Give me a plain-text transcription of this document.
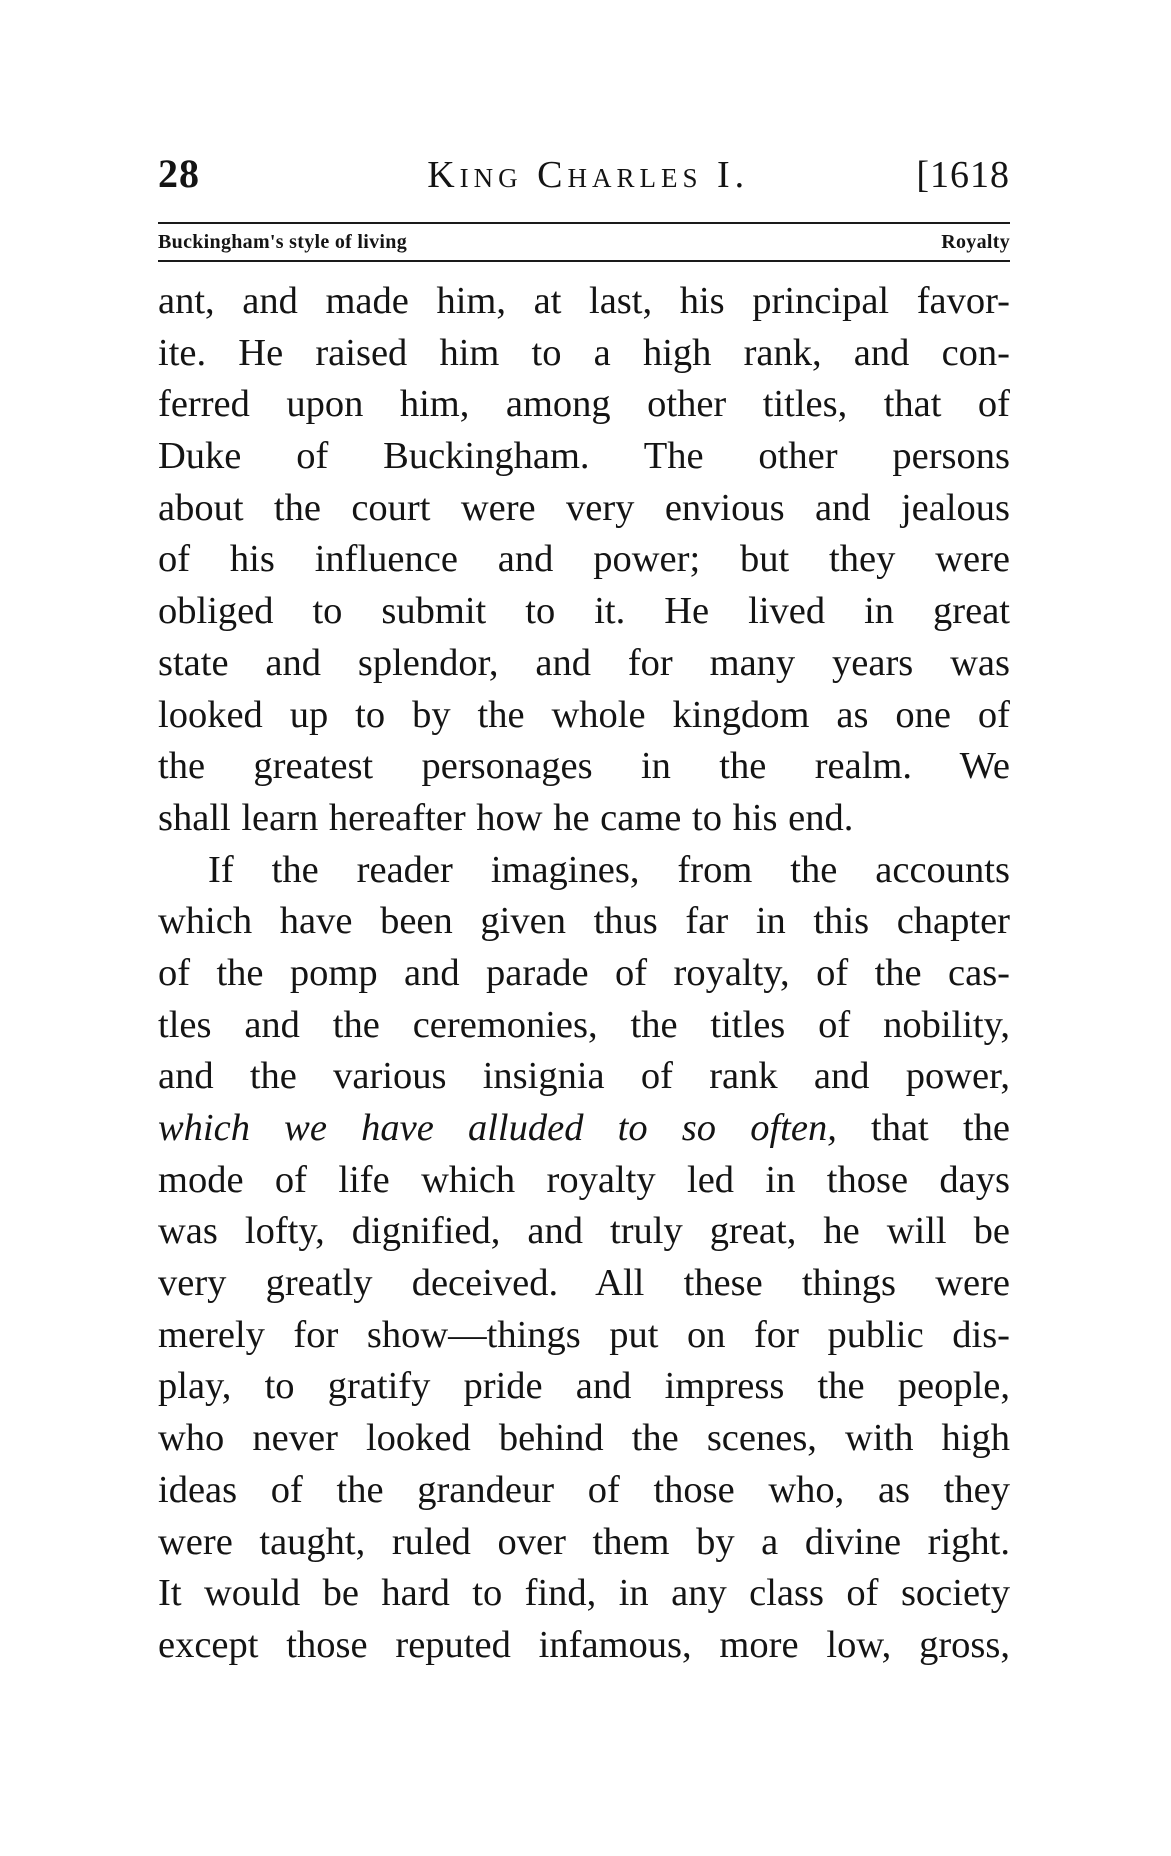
28	King Charles I.	[1618
Buckingham's style of living	Royalty
ant, and made him, at last, his principal favor-
ite. He raised him to a high rank, and con-
ferred upon him, among other titles, that of
Duke of Buckingham. The other persons
about the court were very envious and jealous
of his influence and power; but they were
obliged to submit to it. He lived in great
state and splendor, and for many years was
looked up to by the whole kingdom as one of
the greatest personages in the realm. We
shall learn hereafter how he came to his end.
If the reader imagines, from the accounts
which have been given thus far in this chapter
of the pomp and parade of royalty, of the cas-
tles and the ceremonies, the titles of nobility,
and the various insignia of rank and power,
which we have alluded to so often, that the
mode of life which royalty led in those days
was lofty, dignified, and truly great, he will be
very greatly deceived. All these things were
merely for show—things put on for public dis-
play, to gratify pride and impress the people,
who never looked behind the scenes, with high
ideas of the grandeur of those who, as they
were taught, ruled over them by a divine right.
It would be hard to find, in any class of society
except those reputed infamous, more low, gross,
